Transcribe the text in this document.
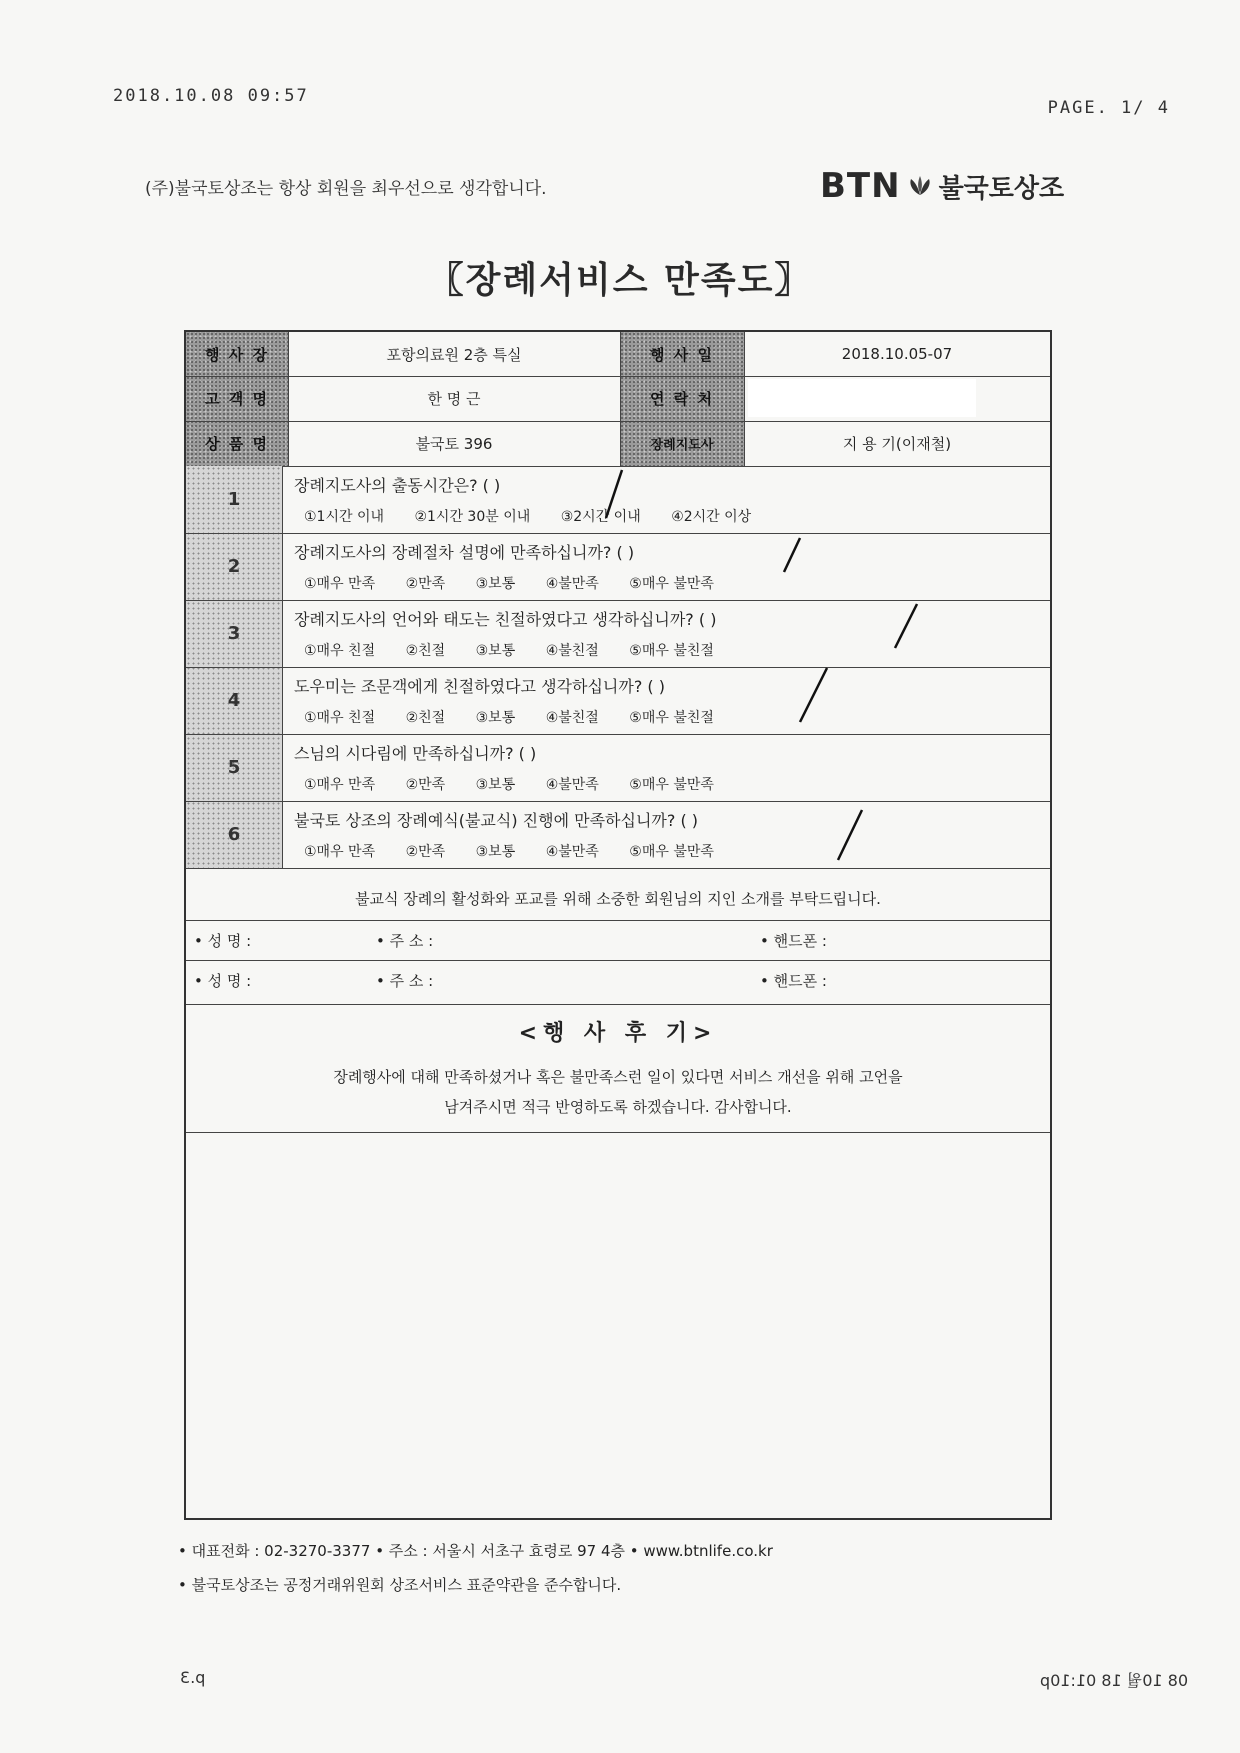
2018.10.08 09:57
PAGE. 1/ 4
(주)불국토상조는 항상 회원을 최우선으로 생각합니다.	BTN 불국토상조
〖장례서비스 만족도〗
행 사 장	포항의료원 2층 특실	행 사 일	2018.10.05-07
고 객 명	한 명 근	연 락 처
상 품 명	불국토 396	장례지도사	지 용 기(이재철)
1
장례지도사의 출동시간은? ( )
①1시간 이내 ②1시간 30분 이내 ③2시간 이내 ④2시간 이상
2
장례지도사의 장례절차 설명에 만족하십니까? ( )
①매우 만족 ②만족 ③보통 ④불만족 ⑤매우 불만족
3
장례지도사의 언어와 태도는 친절하였다고 생각하십니까? ( )
①매우 친절 ②친절 ③보통 ④불친절 ⑤매우 불친절
4
도우미는 조문객에게 친절하였다고 생각하십니까? ( )
①매우 친절 ②친절 ③보통 ④불친절 ⑤매우 불친절
5
스님의 시다림에 만족하십니까? ( )
①매우 만족 ②만족 ③보통 ④불만족 ⑤매우 불만족
6
불국토 상조의 장례예식(불교식) 진행에 만족하십니까? ( )
①매우 만족 ②만족 ③보통 ④불만족 ⑤매우 불만족
불교식 장례의 활성화와 포교를 위해 소중한 회원님의 지인 소개를 부탁드립니다.
• 성 명 :	• 주 소 :	• 핸드폰 :
• 성 명 :	• 주 소 :	• 핸드폰 :
<행 사 후 기>
장례행사에 대해 만족하셨거나 혹은 불만족스런 일이 있다면 서비스 개선을 위해 고언을
남겨주시면 적극 반영하도록 하겠습니다. 감사합니다.
• 대표전화 : 02-3270-3377 • 주소 : 서울시 서초구 효령로 97 4층 • www.btnlife.co.kr
• 불국토상조는 공정거래위원회 상조서비스 표준약관을 준수합니다.
p.3	08 10월 18 01:10p
